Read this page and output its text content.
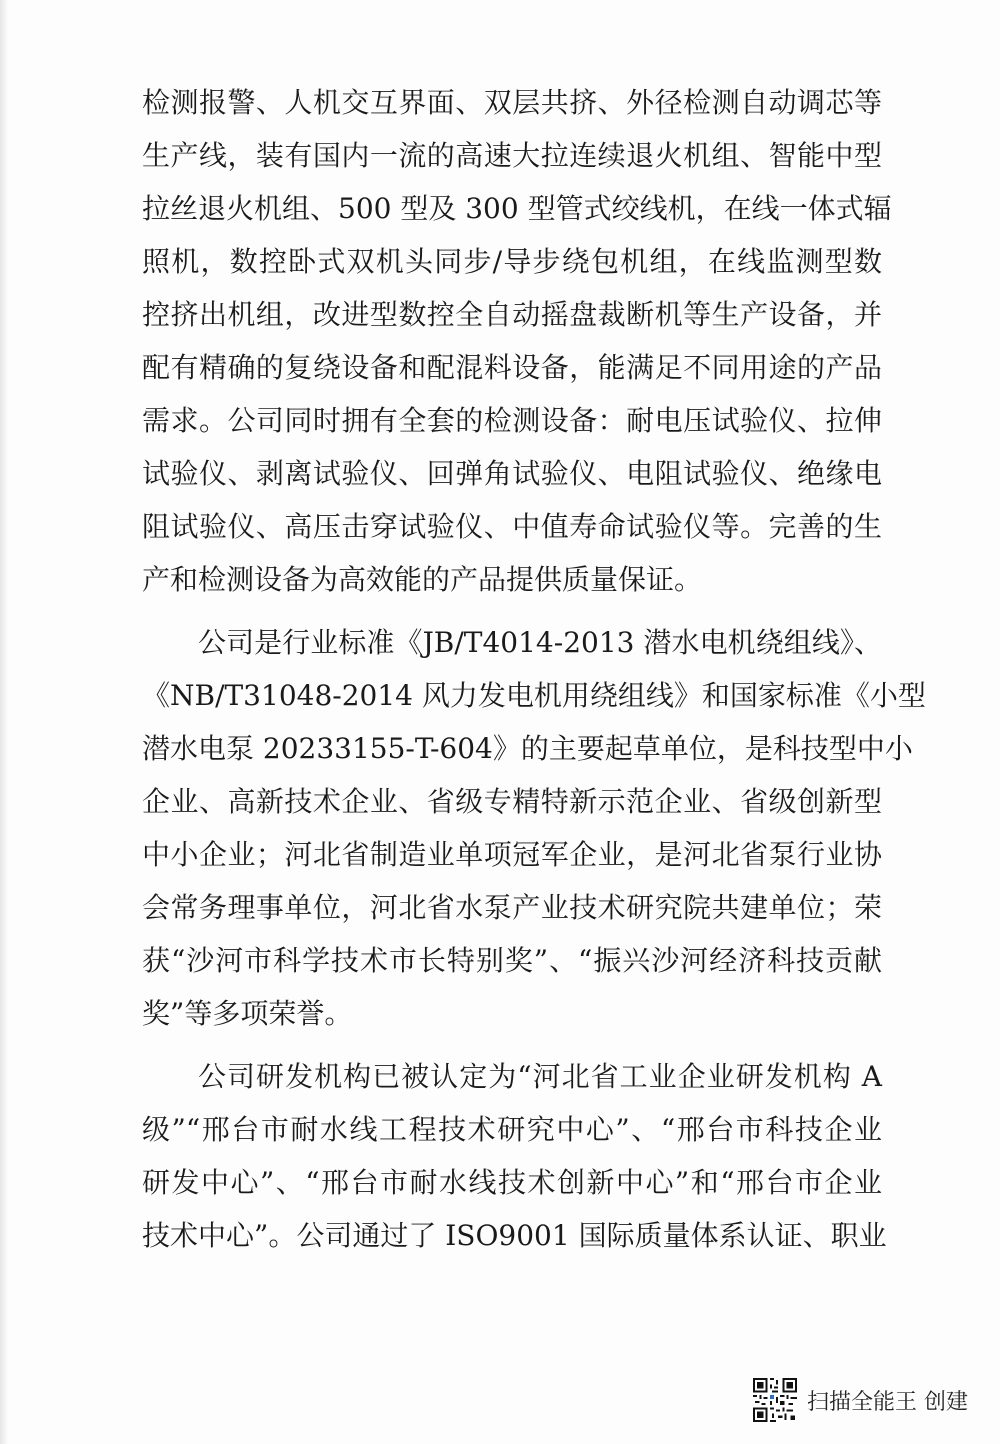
检测报警、人机交互界面、双层共挤、外径检测自动调芯等
生产线，装有国内一流的高速大拉连续退火机组、智能中型
拉丝退火机组、500 型及 300 型管式绞线机，在线一体式辐
照机，数控卧式双机头同步/导步绕包机组，在线监测型数
控挤出机组，改进型数控全自动摇盘裁断机等生产设备，并
配有精确的复绕设备和配混料设备，能满足不同用途的产品
需求。公司同时拥有全套的检测设备：耐电压试验仪、拉伸
试验仪、剥离试验仪、回弹角试验仪、电阻试验仪、绝缘电
阻试验仪、高压击穿试验仪、中值寿命试验仪等。完善的生
产和检测设备为高效能的产品提供质量保证。
公司是行业标准《JB/T4014-2013 潜水电机绕组线》、
《NB/T31048-2014 风力发电机用绕组线》和国家标准《小型
潜水电泵 20233155-T-604》的主要起草单位，是科技型中小
企业、高新技术企业、省级专精特新示范企业、省级创新型
中小企业；河北省制造业单项冠军企业，是河北省泵行业协
会常务理事单位，河北省水泵产业技术研究院共建单位；荣
获“沙河市科学技术市长特别奖”、“振兴沙河经济科技贡献
奖”等多项荣誉。
公司研发机构已被认定为“河北省工业企业研发机构 A
级”“邢台市耐水线工程技术研究中心”、“邢台市科技企业
研发中心”、“邢台市耐水线技术创新中心”和“邢台市企业
技术中心”。公司通过了 ISO9001 国际质量体系认证、职业
扫描全能王 创建
